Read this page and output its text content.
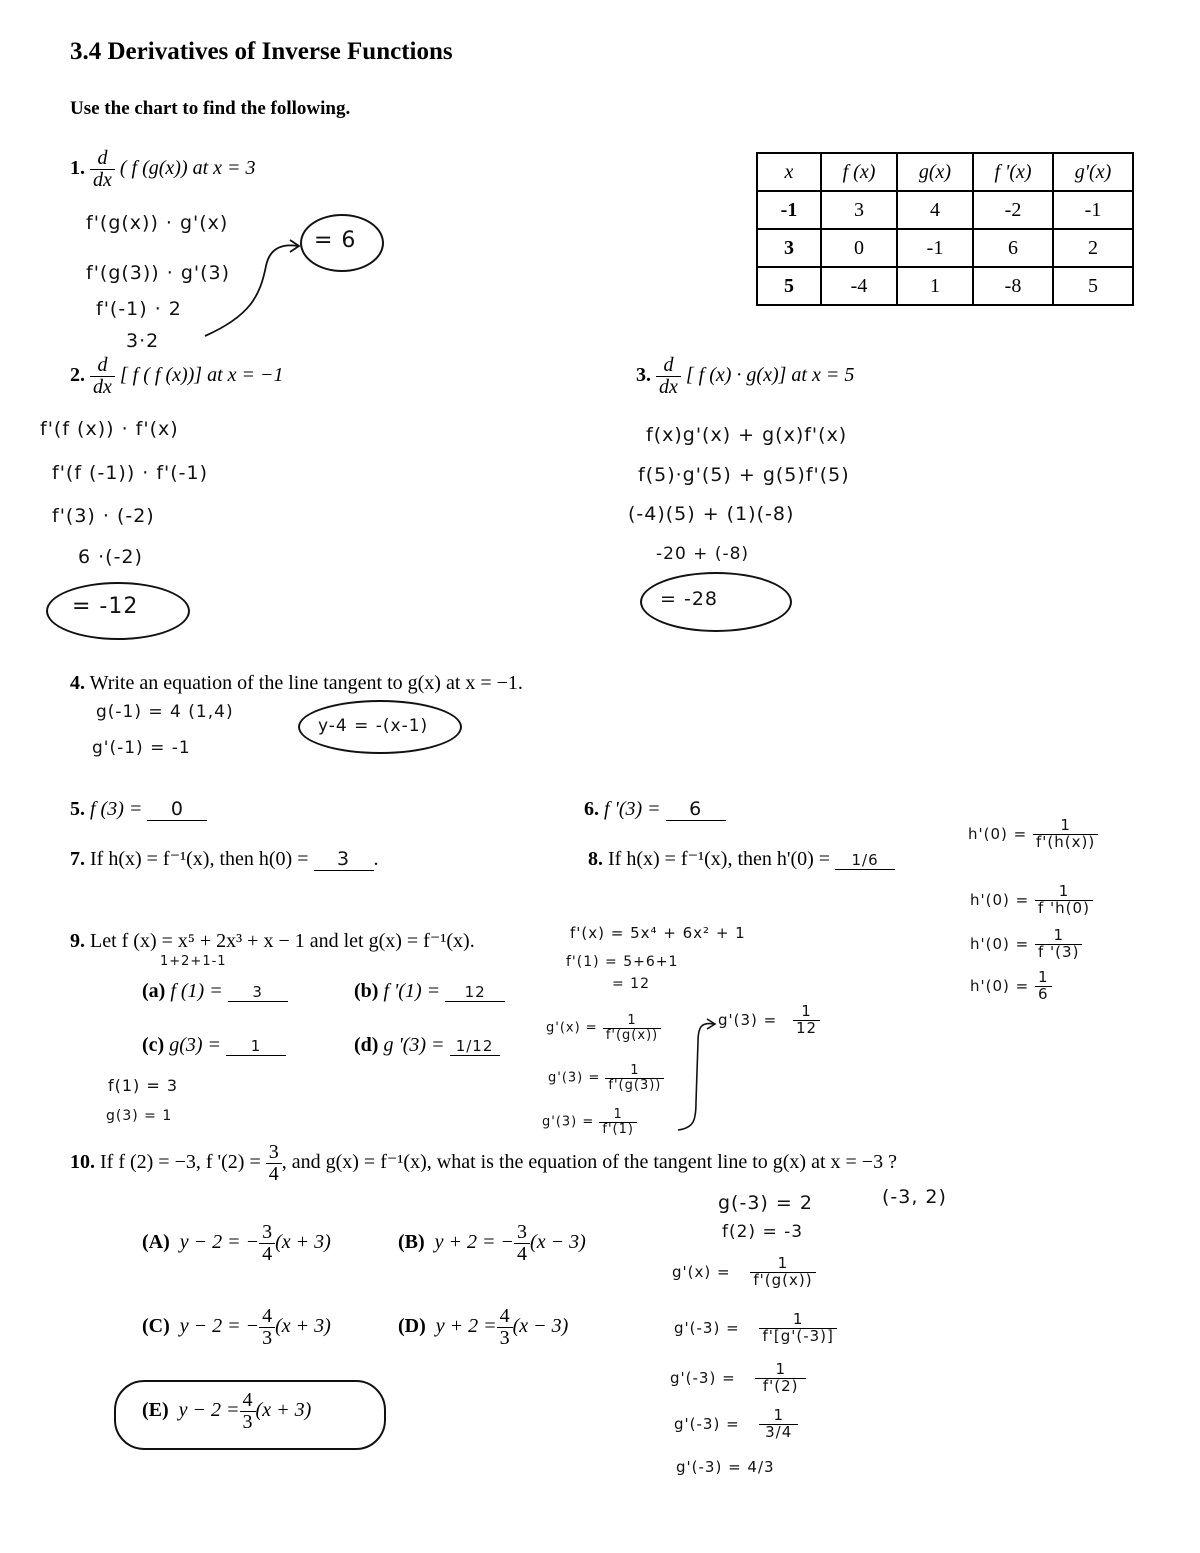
3.4 Derivatives of Inverse Functions
Use the chart to find the following.
x	f (x)	g(x)	f '(x)	g'(x)
-1	3	4	-2	-1
3	0	-1	6	2
5	-4	1	-8	5
1. $\frac{d}{dx}$ ( f (g(x)) at x = 3
f'(g(x)) · g'(x)
f'(g(3)) · g'(3)
f'(-1) · 2
3·2
= 6
2. $\frac{d}{dx}$ [ f ( f (x))] at x = −1
f'(f (x)) · f'(x)
f'(f (-1)) · f'(-1)
f'(3) · (-2)
6 ·(-2)
= -12
3. $\frac{d}{dx}$ [ f (x) · g(x)] at x = 5
f(x)g'(x) + g(x)f'(x)
f(5)·g'(5) + g(5)f'(5)
(-4)(5) + (1)(-8)
-20 + (-8)
= -28
4. Write an equation of the line tangent to g(x) at x = −1.
g(-1) = 4 (1,4)
g'(-1) = -1
y-4 = -(x-1)
5. f (3) = 0	6. f '(3) = 6
7. If h(x) = f⁻¹(x), then h(0) = 3 .	8. If h(x) = f⁻¹(x), then h'(0) = 1/6
$h'(0) = \frac{1}{f'(h(x))}$
$h'(0) = \frac{1}{f 'h(0)}$
$h'(0) = \frac{1}{f '(3)}$
$h'(0) = \frac{1}{6}$
9. Let f (x) = x⁵ + 2x³ + x − 1 and let g(x) = f⁻¹(x).	f'(x) = 5x⁴ + 6x² + 1
f'(1) = 5+6+1
= 12
1+2+1-1
(a) f (1) = 3	(b) f '(1) = 12
(c) g(3) = 1	(d) g '(3) = 1/12
f(1) = 3
g(3) = 1
$g'(x) = \frac{1}{f'(g(x))}$
$g'(3) = \frac{1}{f'(g(3))}$
$g'(3) = \frac{1}{f'(1)}$
$g'(3) = \frac{1}{12}$
10. If f (2) = −3, f '$(2) = \frac{3}{4}$ , and g(x) = f⁻¹(x), what is the equation of the tangent line to g(x) at x = −3 ?
(A) y − 2 = − $\frac{3}{4} (x + 3)$	(B) y + 2 = − $\frac{3}{4} (x - 3)$
(C) y − 2 = − $\frac{4}{3} (x + 3)$	(D) $y + 2 = \frac{4}{3} (x - 3)$
(E) $y - 2 = \frac{4}{3} (x + 3)$
g(-3) = 2
f(2) = -3
(-3, 2)
$g'(x) = \frac{1}{f'(g(x))}$
$g'(-3) = \frac{1}{f'[g'(-3)]}$
$g'(-3) = \frac{1}{f'(2)}$
$g'(-3) = \frac{1}{3/4}$
g'(-3) = 4/3
